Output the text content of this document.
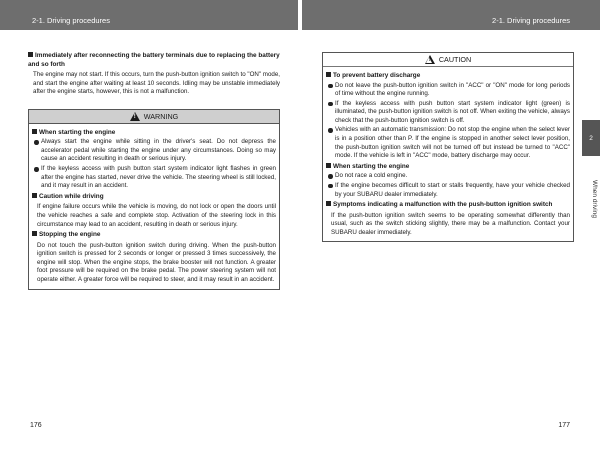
2-1. Driving procedures	2-1. Driving procedures
Immediately after reconnecting the battery terminals due to replacing the battery and so forth

The engine may not start. If this occurs, turn the push-button ignition switch to "ON" mode, and start the engine after waiting at least 10 seconds. Idling may be unstable immediately after the engine starts, however, this is not a malfunction.

! WARNING
When starting the engine
Always start the engine while sitting in the driver's seat. Do not depress the accelerator pedal while starting the engine under any circumstances. Doing so may cause an accident resulting in death or serious injury.
If the keyless access with push button start system indicator light flashes in green after the engine has started, never drive the vehicle. The steering wheel is still locked, and it may result in an accident.
Caution while driving

If engine failure occurs while the vehicle is moving, do not lock or open the doors until the vehicle reaches a safe and complete stop. Activation of the steering lock in this circumstance may lead to an accident, resulting in death or serious injury.

Stopping the engine

Do not touch the push-button ignition switch during driving. When the push-button ignition switch is pressed for 2 seconds or longer or pressed 3 times successively, the engine will stop. When the engine stops, the brake booster will not function. A greater foot pressure will be required on the brake pedal. The power steering system will not operate either. A greater force will be required to steer, and it may result in an accident.

! CAUTION
To prevent battery discharge
Do not leave the push-button ignition switch in "ACC" or "ON" mode for long periods of time without the engine running.
If the keyless access with push button start system indicator light (green) is illuminated, the push-button ignition switch is not off. When exiting the vehicle, always check that the push-button ignition switch is off.
Vehicles with an automatic transmission: Do not stop the engine when the select lever is in a position other than P. If the engine is stopped in another select lever position, the push-button ignition switch will not be turned off but instead be turned to "ACC" mode. If the vehicle is left in "ACC" mode, battery discharge may occur.
When starting the engine
Do not race a cold engine.
If the engine becomes difficult to start or stalls frequently, have your vehicle checked by your SUBARU dealer immediately.
Symptoms indicating a malfunction with the push-button ignition switch

If the push-button ignition switch seems to be operating somewhat differently than usual, such as the switch sticking slightly, there may be a malfunction. Contact your SUBARU dealer immediately.

2
When driving
176	177
